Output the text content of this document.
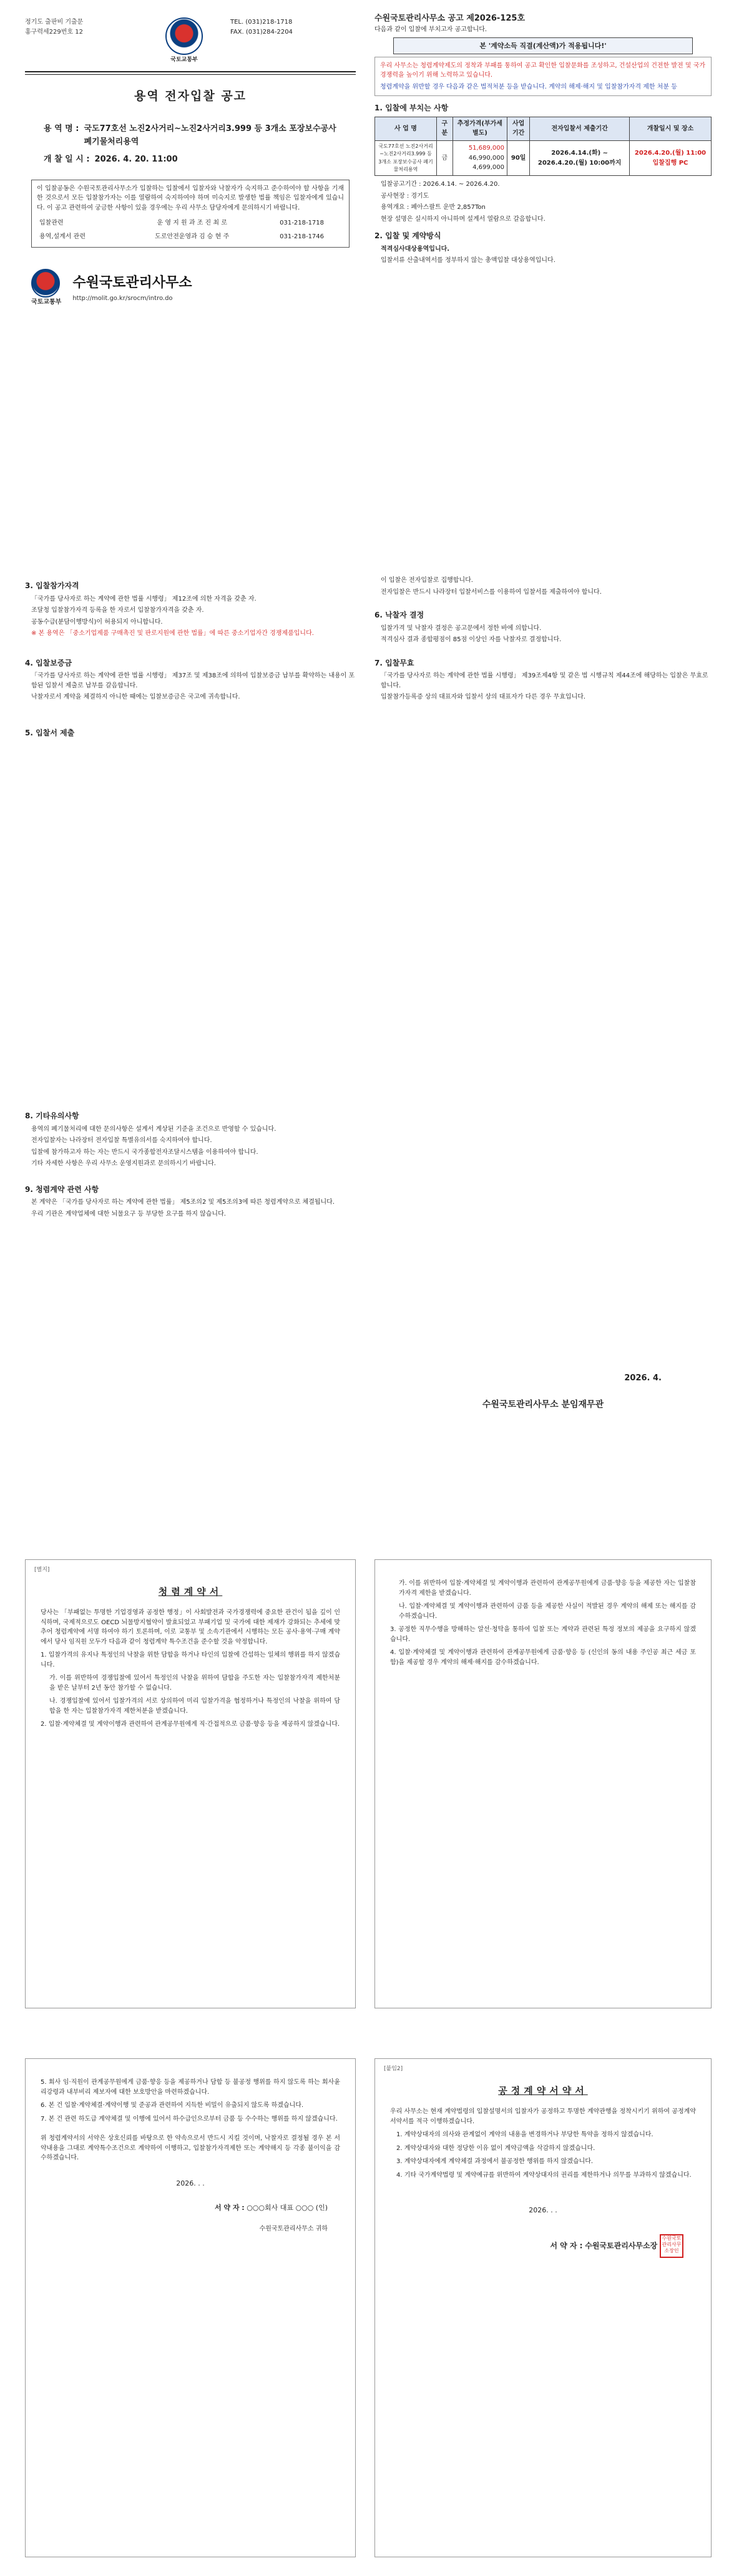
정기도 출판비 기출문
홍구력세229번호 12
국토교통부
TEL. (031)218-1718
FAX. (031)284-2204
용역 전자입찰 공고
용 역 명 : 국도77호선 노진2사거리~노진2사거리3.999 등 3개소 포장보수공사 폐기물처리용역
개 찰 일 시 : 2026. 4. 20. 11:00
이 입찰공동은 수원국토관리사무소가 입찰하는 입찰에서 입찰자와 낙찰자가 숙지하고 준수하여야 할 사항을 기재한 것으로서 모든 입찰참가자는 이를 열람하여 숙지하여야 하며 미숙지로 발생한 법률 책임은 입찰자에게 있습니다. 이 공고 관련하여 궁금한 사항이 있을 경우에는 우리 사무소 담당자에게 문의하시기 바랍니다.
입찰관련	운 영 지 원 과 조 진 최 로	031-218-1718
용역,설계서 관련	도로안전운영과 김 승 현 주	031-218-1746
국토교통부
수원국토관리사무소
http://molit.go.kr/srocm/intro.do
수원국토관리사무소 공고 제2026-125호
다음과 같이 입찰에 부치고자 공고합니다.
본 '계약소득 직결(계산액)가 적용됩니다!'
우리 사무소는 청렴계약제도의 정착과 부패를 통하여 공고 확인한 입찰문화를 조성하고, 건설산업의 건전한 발전 및 국가경쟁력을 높이기 위해 노력하고 있습니다.
청렴계약을 위반할 경우 다음과 같은 법적처분 등을 받습니다. 계약의 해제·해지 및 입찰참가자격 제한 처분 등
1. 입찰에 부치는 사항
사 업 명	구 분	추정가격(부가세별도)	사업기간	전자입찰서 제출기간	개찰일시 및 장소
국도77호선 노진2사거리~노진2사거리3.999 등 3개소 포장보수공사 폐기물처리용역	금	51,689,000
46,990,000
4,699,000	90일	2026.4.14.(화) ~ 2026.4.20.(월) 10:00까지	2026.4.20.(월) 11:00 입찰집행 PC
입찰공고기간 : 2026.4.14. ~ 2026.4.20.
공사현장 : 경기도
용역개요 : 폐아스팔트 운반 2,857Ton
현장 설명은 실시하지 아니하며 설계서 열람으로 갈음합니다.
2. 입찰 및 계약방식
적격심사대상용역입니다.
입찰서류 산출내역서를 정부하지 않는 총액입찰 대상용역입니다.
3. 입찰참가자격
「국가를 당사자로 하는 계약에 관한 법률 시행령」 제12조에 의한 자격을 갖춘 자.
조달청 입찰참가자격 등록을 한 자로서 입찰참가자격을 갖춘 자.
공동수급(분담이행방식)이 허용되지 아니합니다.
※ 본 용역은 「중소기업제품 구매촉진 및 판로지원에 관한 법률」에 따른 중소기업자간 경쟁제품입니다.
4. 입찰보증금
「국가를 당사자로 하는 계약에 관한 법률 시행령」 제37조 및 제38조에 의하여 입찰보증금 납부를 확약하는 내용이 포함된 입찰서 제출로 납부를 갈음합니다.
낙찰자로서 계약을 체결하지 아니한 때에는 입찰보증금은 국고에 귀속합니다.
5. 입찰서 제출
이 입찰은 전자입찰로 집행합니다.
전자입찰은 반드시 나라장터 입찰서비스를 이용하여 입찰서를 제출하여야 합니다.
6. 낙찰자 결정
입찰가격 및 낙찰자 결정은 공고문에서 정한 바에 의합니다.
적격심사 결과 종합평점이 85점 이상인 자를 낙찰자로 결정합니다.
7. 입찰무효
「국가를 당사자로 하는 계약에 관한 법률 시행령」 제39조제4항 및 같은 법 시행규칙 제44조에 해당하는 입찰은 무효로 합니다.
입찰참가등록증 상의 대표자와 입찰서 상의 대표자가 다른 경우 무효입니다.
8. 기타유의사항
용역의 폐기물처리에 대한 문의사항은 설계서 계상된 기준을 조건으로 반영할 수 있습니다.
전자입찰자는 나라장터 전자입찰 특별유의서를 숙지하여야 합니다.
입찰에 참가하고자 하는 자는 반드시 국가종합전자조달시스템을 이용하여야 합니다.
기타 자세한 사항은 우리 사무소 운영지원과로 문의하시기 바랍니다.
9. 청렴계약 관련 사항
본 계약은 「국가를 당사자로 하는 계약에 관한 법률」 제5조의2 및 제5조의3에 따른 청렴계약으로 체결됩니다.
우리 기관은 계약업체에 대한 뇌물요구 등 부당한 요구를 하지 않습니다.
2026. 4.
수원국토관리사무소 분임재무관
[별지]
청렴계약서
당사는 「부패없는 투명한 기업경영과 공정한 행정」이 사회발전과 국가경쟁력에 중요한 관건이 됨을 깊이 인식하며, 국제적으로도 OECD 뇌물방지협약이 발효되었고 부패기업 및 국가에 대한 제재가 강화되는 추세에 맞추어 청렴계약에 서명 하여야 하기 토론하며, 이로 교통부 및 소속기관에서 시행하는 모든 공사·용역·구매 계약에서 당사 임직원 모두가 다음과 같이 청렴계약 특수조건을 준수할 것을 약정합니다.
1. 입찰가격의 유지나 특정인의 낙찰을 위한 담합을 하거나 타인의 입찰에 간섭하는 일체의 행위를 하지 않겠습니다.
가. 이를 위반하여 경쟁입찰에 있어서 특정인의 낙찰을 위하여 담합을 주도한 자는 입찰참가자격 제한처분을 받은 날부터 2년 동안 참가할 수 없습니다.
나. 경쟁입찰에 있어서 입찰가격의 서로 상의하여 미리 입찰가격을 협정하거나 특정인의 낙찰을 위하여 담합을 한 자는 입찰참가자격 제한처분을 받겠습니다.
2. 입찰·계약체결 및 계약이행과 관련하여 관계공무원에게 직·간접적으로 금품·향응 등을 제공하지 않겠습니다.
가. 이를 위반하여 입찰·계약체결 및 계약이행과 관련하여 관계공무원에게 금품·향응 등을 제공한 자는 입찰참가자격 제한을 받겠습니다.
나. 입찰·계약체결 및 계약이행과 관련하여 금품 등을 제공한 사실이 적발된 경우 계약의 해제 또는 해지를 감수하겠습니다.
3. 공정한 직무수행을 방해하는 알선·청탁을 통하여 입찰 또는 계약과 관련된 특정 정보의 제공을 요구하지 않겠습니다.
4. 입찰·계약체결 및 계약이행과 관련하여 관계공무원에게 금품·향응 등 (신인의 동의 내용 주인공 최근 세금 포함)을 제공할 경우 계약의 해제·해지를 감수하겠습니다.
5. 회사 임·직원이 관계공무원에게 금품·향응 등을 제공하거나 담합 등 불공정 행위를 하지 않도록 하는 회사윤리강령과 내부비리 제보자에 대한 보호방안을 마련하겠습니다.
6. 본 건 입찰·계약체결·계약이행 및 준공과 관련하여 지득한 비밀이 유출되지 않도록 하겠습니다.
7. 본 건 관련 하도급 계약체결 및 이행에 있어서 하수급인으로부터 금품 등 수수하는 행위를 하지 않겠습니다.
위 청렴계약서의 서약은 상호신뢰를 바탕으로 한 약속으로서 반드시 지킬 것이며, 낙찰자로 결정될 경우 본 서약내용을 그대로 계약특수조건으로 계약하여 이행하고, 입찰참가자격제한 또는 계약해지 등 각종 불이익을 감수하겠습니다.
2026. . .
서 약 자 : ○○○회사 대표 ○○○ (인)
수원국토관리사무소 귀하
[붙임2]
공정계약서약서
우리 사무소는 현재 계약법령의 입찰설명서의 입찰자가 공정하고 투명한 계약관행을 정착시키기 위하여 공정계약 서약서를 적극 이행하겠습니다.
1. 계약상대자의 의사와 관계없이 계약의 내용을 변경하거나 부당한 특약을 정하지 않겠습니다.
2. 계약상대자와 대한 정당한 이유 없이 계약금액을 삭감하지 않겠습니다.
3. 계약상대자에게 계약체결 과정에서 불공정한 행위를 하지 않겠습니다.
4. 기타 국가계약법령 및 계약예규를 위반하여 계약상대자의 권리를 제한하거나 의무를 부과하지 않겠습니다.
2026. . .
서 약 자 : 수원국토관리사무소장 수원국토관리사무소장인
